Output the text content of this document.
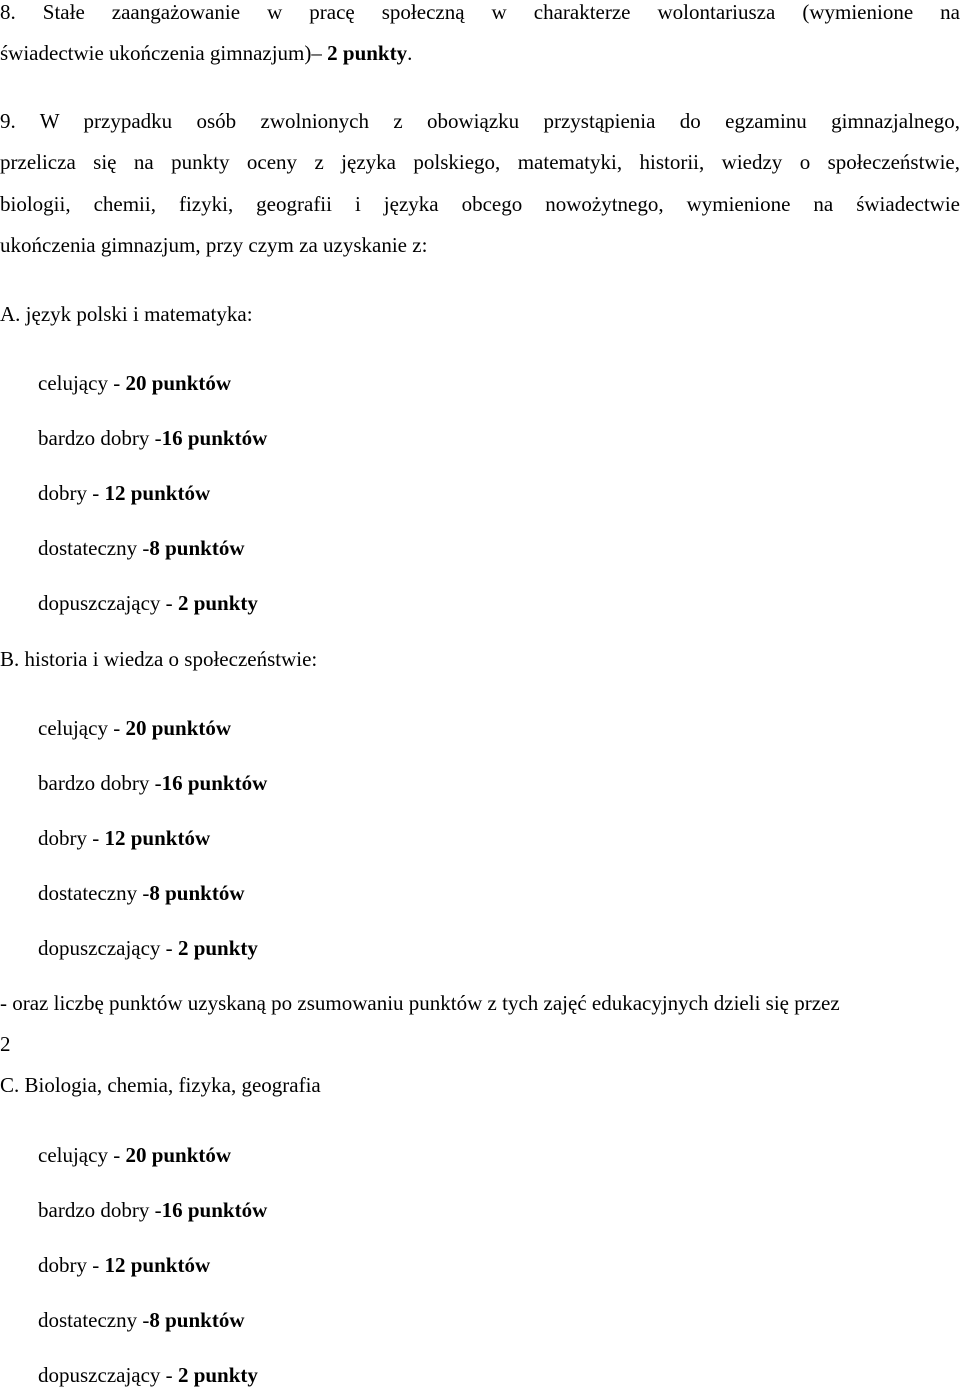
8. Stałe zaangażowanie w pracę społeczną w charakterze wolontariusza (wymienione na
świadectwie ukończenia gimnazjum)– 2 punkty.
9. W przypadku osób zwolnionych z obowiązku przystąpienia do egzaminu gimnazjalnego,
przelicza się na punkty oceny z języka polskiego, matematyki, historii, wiedzy o społeczeństwie,
biologii, chemii, fizyki, geografii i języka obcego nowożytnego, wymienione na świadectwie
ukończenia gimnazjum, przy czym za uzyskanie z:
A. język polski i matematyka:
celujący - 20 punktów
bardzo dobry -16 punktów
dobry - 12 punktów
dostateczny -8 punktów
dopuszczający - 2 punkty
B. historia i wiedza o społeczeństwie:
celujący - 20 punktów
bardzo dobry -16 punktów
dobry - 12 punktów
dostateczny -8 punktów
dopuszczający - 2 punkty
- oraz liczbę punktów uzyskaną po zsumowaniu punktów z tych zajęć edukacyjnych dzieli się przez
2
C. Biologia, chemia, fizyka, geografia
celujący - 20 punktów
bardzo dobry -16 punktów
dobry - 12 punktów
dostateczny -8 punktów
dopuszczający - 2 punkty
